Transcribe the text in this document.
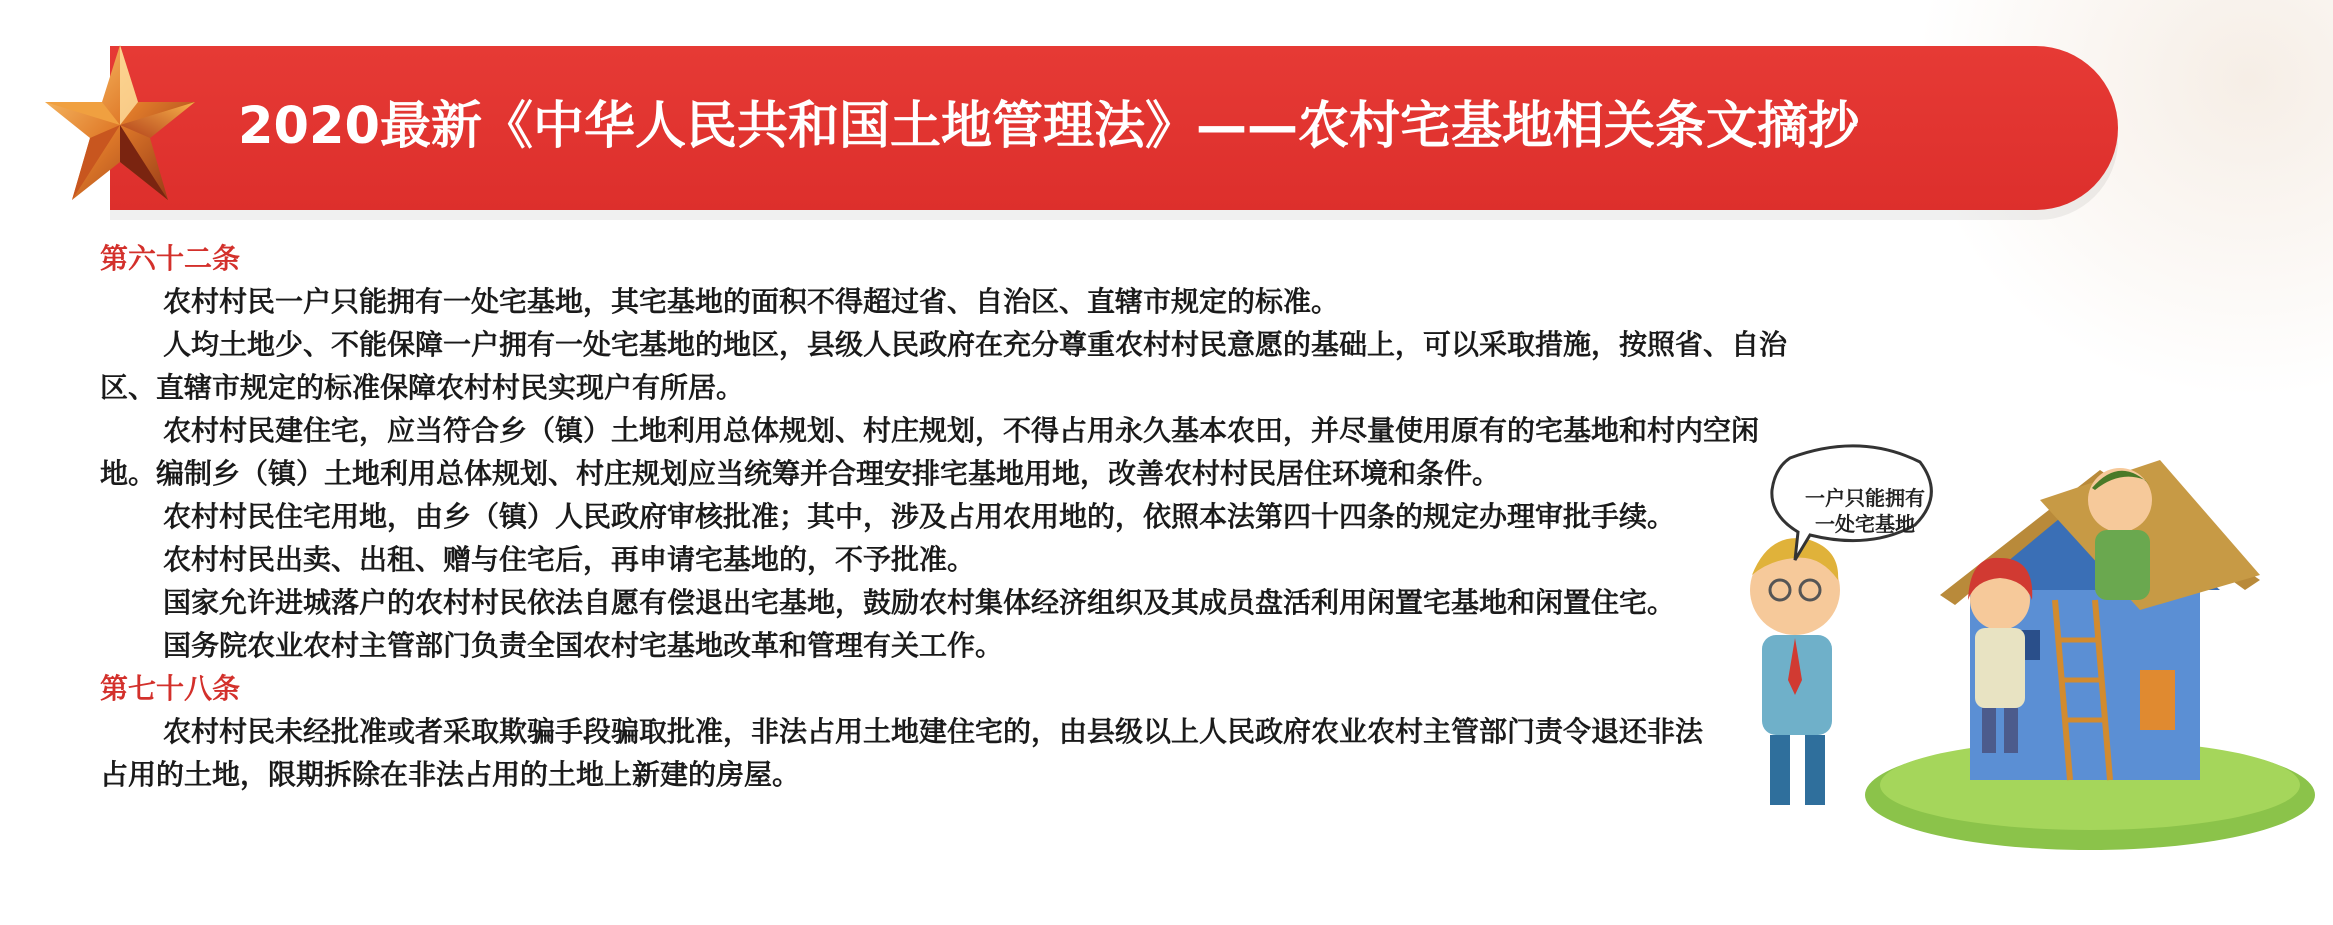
2020最新《中华人民共和国土地管理法》——农村宅基地相关条文摘抄
第六十二条

农村村民一户只能拥有一处宅基地，其宅基地的面积不得超过省、自治区、直辖市规定的标准。

人均土地少、不能保障一户拥有一处宅基地的地区，县级人民政府在充分尊重农村村民意愿的基础上，可以采取措施，按照省、自治区、直辖市规定的标准保障农村村民实现户有所居。

农村村民建住宅，应当符合乡（镇）土地利用总体规划、村庄规划，不得占用永久基本农田，并尽量使用原有的宅基地和村内空闲地。编制乡（镇）土地利用总体规划、村庄规划应当统筹并合理安排宅基地用地，改善农村村民居住环境和条件。

农村村民住宅用地，由乡（镇）人民政府审核批准；其中，涉及占用农用地的，依照本法第四十四条的规定办理审批手续。

农村村民出卖、出租、赠与住宅后，再申请宅基地的，不予批准。

国家允许进城落户的农村村民依法自愿有偿退出宅基地，鼓励农村集体经济组织及其成员盘活利用闲置宅基地和闲置住宅。

国务院农业农村主管部门负责全国农村宅基地改革和管理有关工作。

第七十八条

农村村民未经批准或者采取欺骗手段骗取批准，非法占用土地建住宅的，由县级以上人民政府农业农村主管部门责令退还非法占用的土地，限期拆除在非法占用的土地上新建的房屋。

一户只能拥有
一处宅基地
